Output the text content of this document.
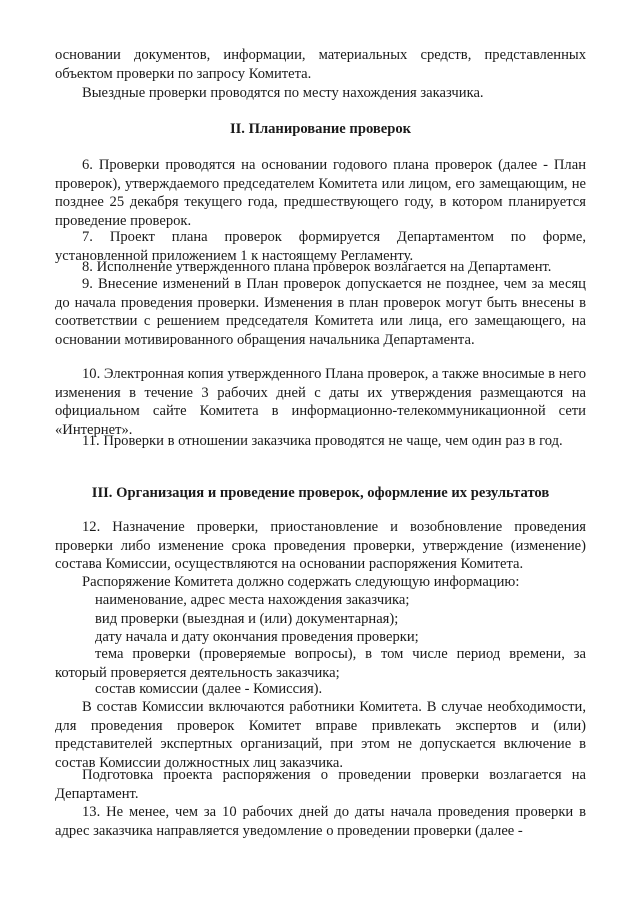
основании документов, информации, материальных средств, представленных объектом проверки по запросу Комитета.

Выездные проверки проводятся по месту нахождения заказчика.

II. Планирование проверок

6. Проверки проводятся на основании годового плана проверок (далее - План проверок), утверждаемого председателем Комитета или лицом, его замещающим, не позднее 25 декабря текущего года, предшествующего году, в котором планируется проведение проверок.

7. Проект плана проверок формируется Департаментом по форме, установленной приложением 1 к настоящему Регламенту.

8. Исполнение утвержденного плана проверок возлагается на Департамент.

9. Внесение изменений в План проверок допускается не позднее, чем за месяц до начала проведения проверки. Изменения в план проверок могут быть внесены в соответствии с решением председателя Комитета или лица, его замещающего, на основании мотивированного обращения начальника Департамента.

10. Электронная копия утвержденного Плана проверок, а также вносимые в него изменения в течение 3 рабочих дней с даты их утверждения размещаются на официальном сайте Комитета в информационно-телекоммуникационной сети «Интернет».

11. Проверки в отношении заказчика проводятся не чаще, чем один раз в год.

III. Организация и проведение проверок, оформление их результатов

12. Назначение проверки, приостановление и возобновление проведения проверки либо изменение срока проведения проверки, утверждение (изменение) состава Комиссии, осуществляются на основании распоряжения Комитета.

Распоряжение Комитета должно содержать следующую информацию:

наименование, адрес места нахождения заказчика;

вид проверки (выездная и (или) документарная);

дату начала и дату окончания проведения проверки;

тема проверки (проверяемые вопросы), в том числе период времени, за который проверяется деятельность заказчика;

состав комиссии (далее - Комиссия).

В состав Комиссии включаются работники Комитета. В случае необходимости, для проведения проверок Комитет вправе привлекать экспертов и (или) представителей экспертных организаций, при этом не допускается включение в состав Комиссии должностных лиц заказчика.

Подготовка проекта распоряжения о проведении проверки возлагается на Департамент.

13. Не менее, чем за 10 рабочих дней до даты начала проведения проверки в адрес заказчика направляется уведомление о проведении проверки (далее -
